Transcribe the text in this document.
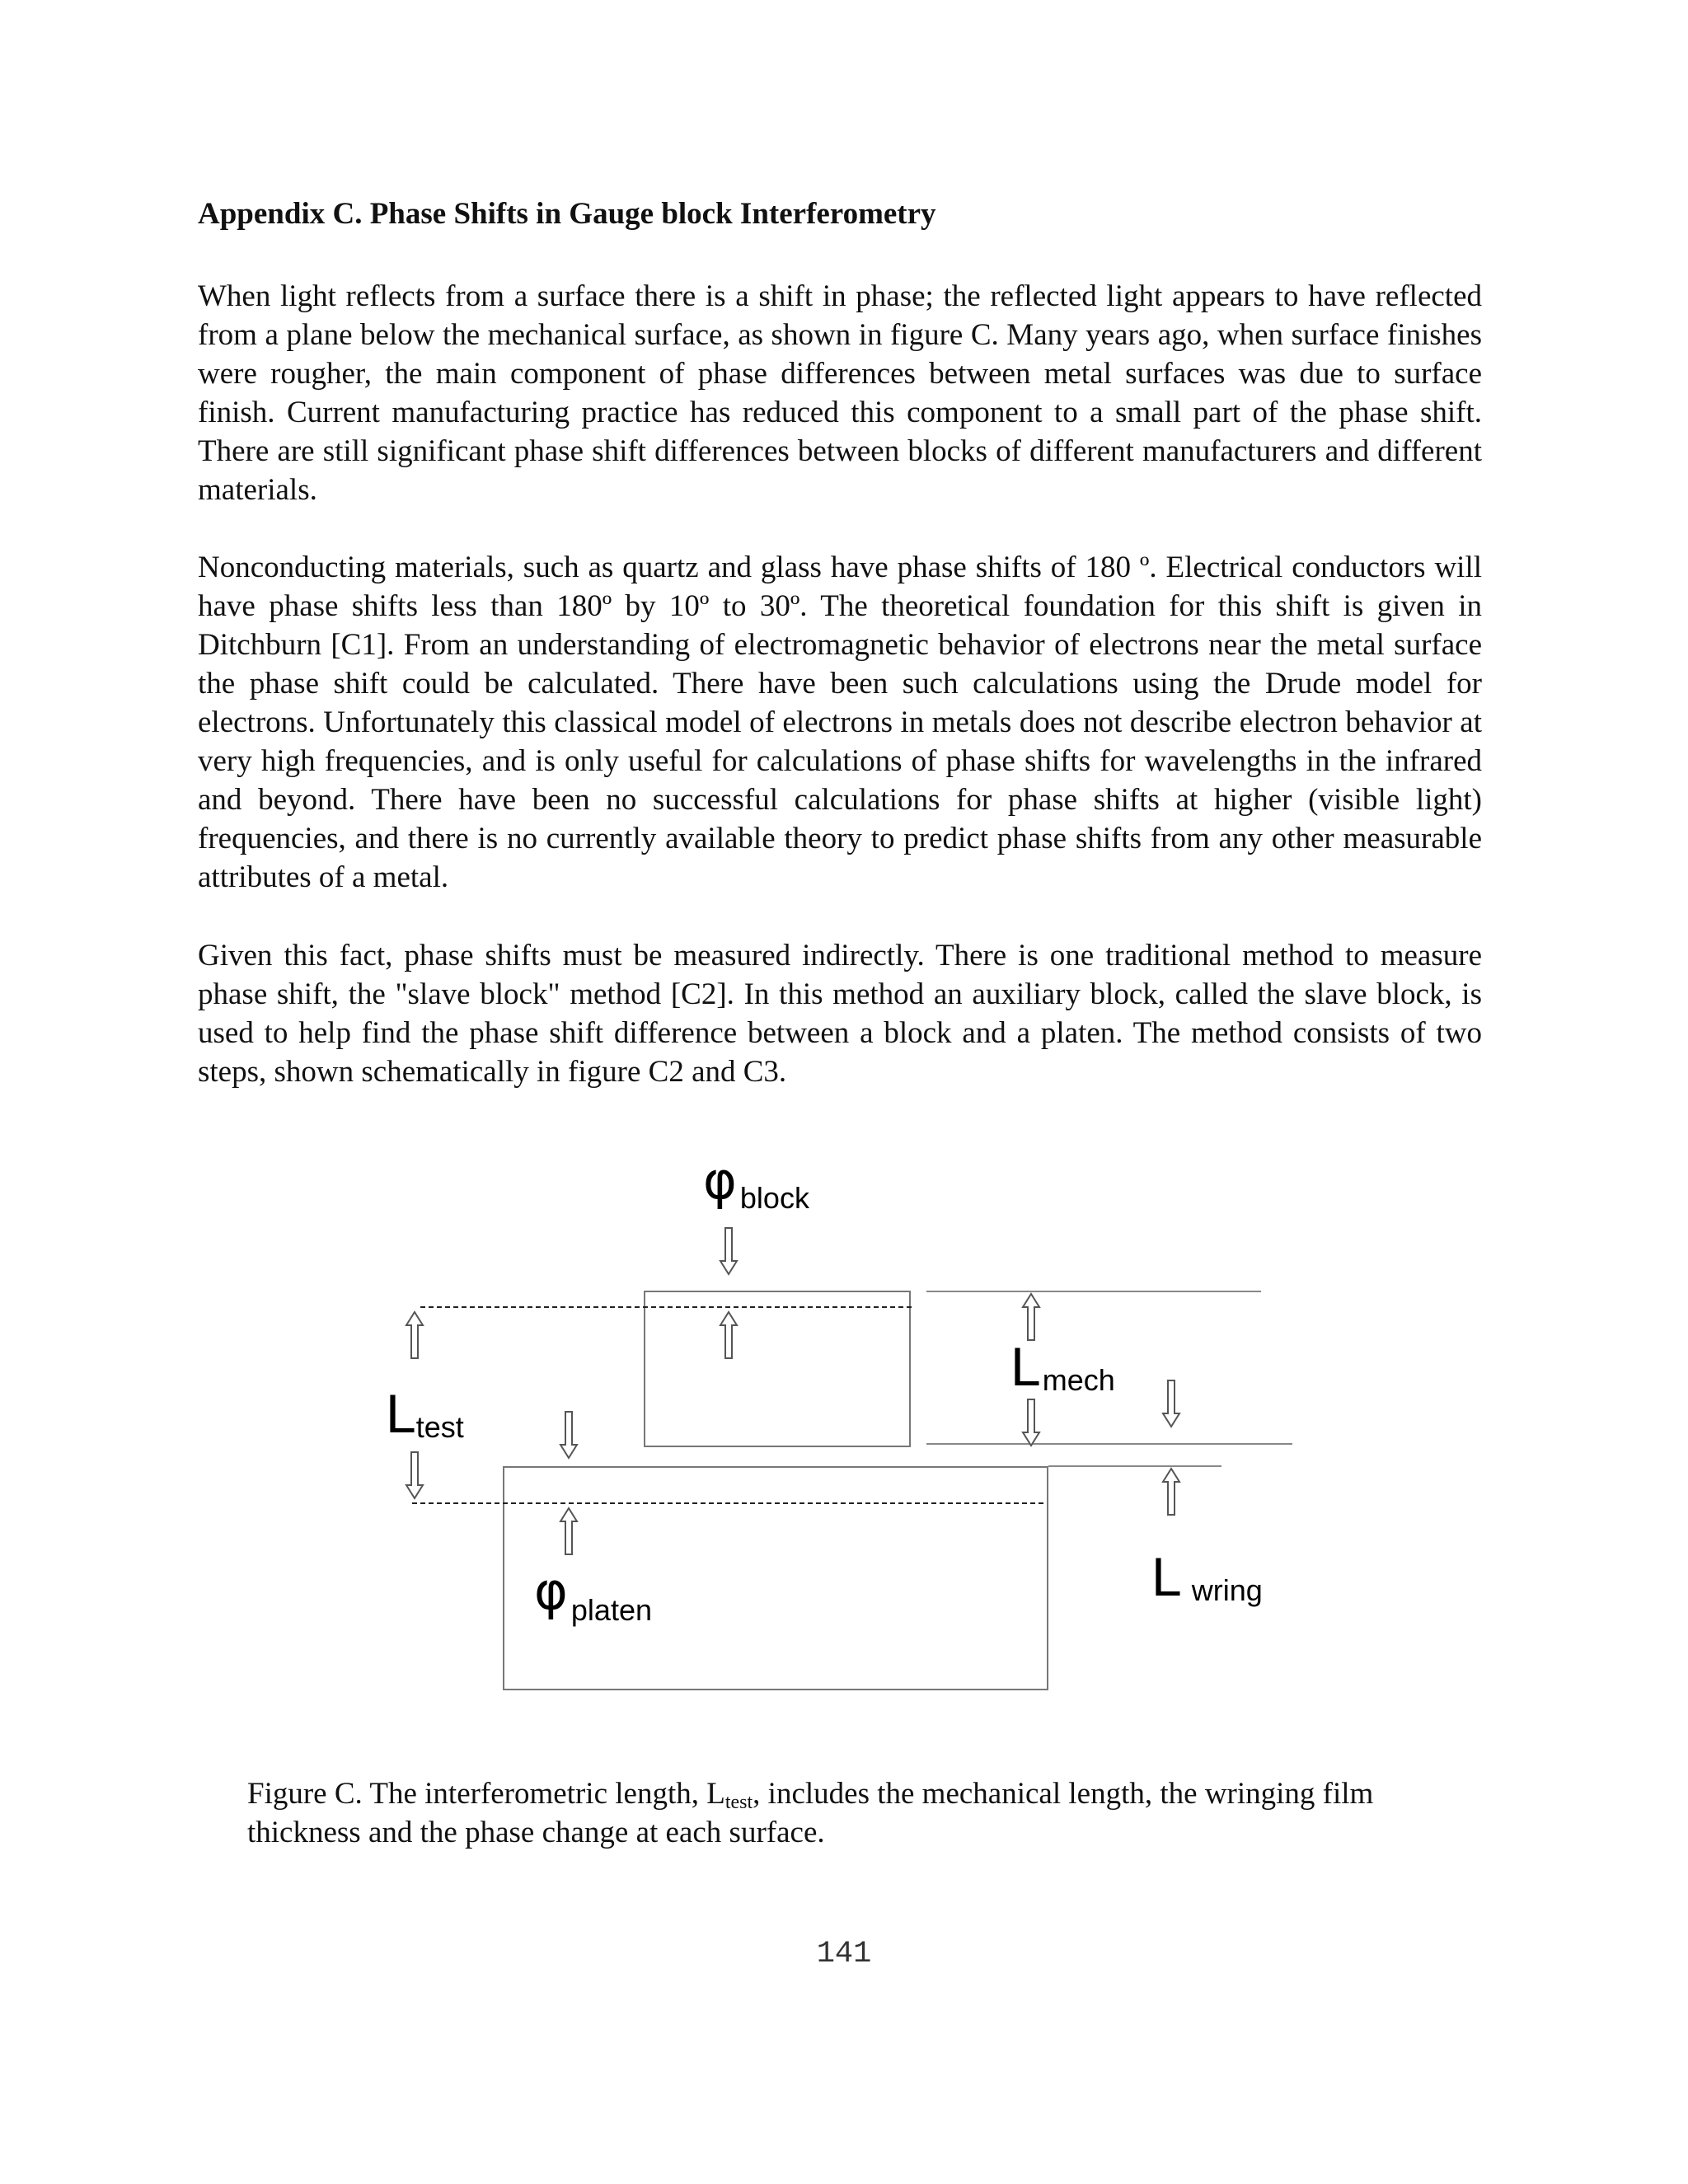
Appendix C. Phase Shifts in Gauge block Interferometry

When light reflects from a surface there is a shift in phase; the reflected light appears to have reflected from a plane below the mechanical surface, as shown in figure C. Many years ago, when surface finishes were rougher, the main component of phase differences between metal surfaces was due to surface finish. Current manufacturing practice has reduced this component to a small part of the phase shift. There are still significant phase shift differences between blocks of different manufacturers and different materials.

Nonconducting materials, such as quartz and glass have phase shifts of 180 º. Electrical conductors will have phase shifts less than 180º by 10º to 30º. The theoretical foundation for this shift is given in Ditchburn [C1]. From an understanding of electromagnetic behavior of electrons near the metal surface the phase shift could be calculated. There have been such calculations using the Drude model for electrons. Unfortunately this classical model of electrons in metals does not describe electron behavior at very high frequencies, and is only useful for calculations of phase shifts for wavelengths in the infrared and beyond. There have been no successful calculations for phase shifts at higher (visible light) frequencies, and there is no currently available theory to predict phase shifts from any other measurable attributes of a metal.

Given this fact, phase shifts must be measured indirectly. There is one traditional method to measure phase shift, the "slave block" method [C2]. In this method an auxiliary block, called the slave block, is used to help find the phase shift difference between a block and a platen. The method consists of two steps, shown schematically in figure C2 and C3.

φblock
Ltest
Lmech
Lwring
φplaten
Figure C. The interferometric length, $L_{test}$, includes the mechanical length, the wringing film thickness and the phase change at each surface.
141
